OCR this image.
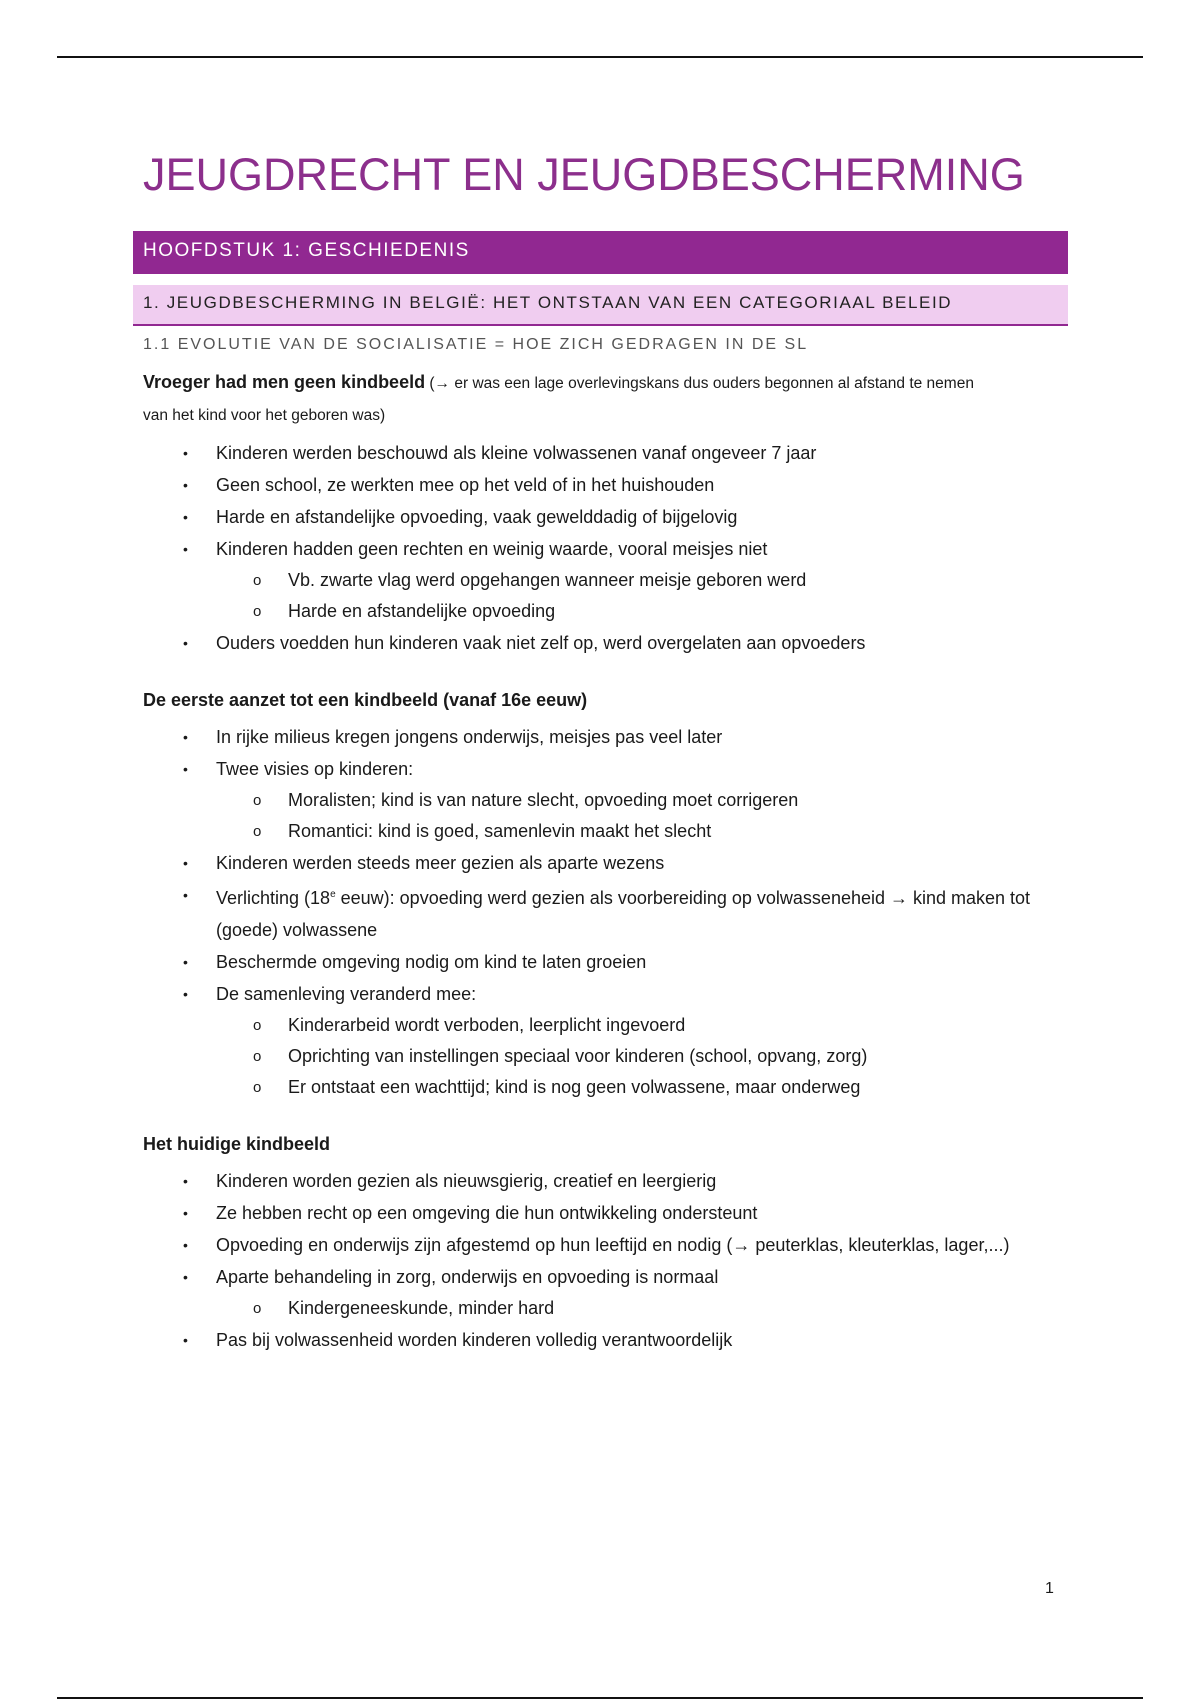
JEUGDRECHT EN JEUGDBESCHERMING
HOOFDSTUK 1: GESCHIEDENIS
1. JEUGDBESCHERMING IN BELGIË: HET ONTSTAAN VAN EEN CATEGORIAAL BELEID
1.1 EVOLUTIE VAN DE SOCIALISATIE = HOE ZICH GEDRAGEN IN DE SL
Vroeger had men geen kindbeeld (→ er was een lage overlevingskans dus ouders begonnen al afstand te nemen van het kind voor het geboren was)
• Kinderen werden beschouwd als kleine volwassenen vanaf ongeveer 7 jaar
• Geen school, ze werkten mee op het veld of in het huishouden
• Harde en afstandelijke opvoeding, vaak gewelddadig of bijgelovig
• Kinderen hadden geen rechten en weinig waarde, vooral meisjes niet
o Vb. zwarte vlag werd opgehangen wanneer meisje geboren werd
o Harde en afstandelijke opvoeding
• Ouders voedden hun kinderen vaak niet zelf op, werd overgelaten aan opvoeders
De eerste aanzet tot een kindbeeld (vanaf 16e eeuw)
• In rijke milieus kregen jongens onderwijs, meisjes pas veel later
• Twee visies op kinderen:
o Moralisten; kind is van nature slecht, opvoeding moet corrigeren
o Romantici: kind is goed, samenlevin maakt het slecht
• Kinderen werden steeds meer gezien als aparte wezens
• Verlichting (18e eeuw): opvoeding werd gezien als voorbereiding op volwasseneheid → kind maken tot (goede) volwassene
• Beschermde omgeving nodig om kind te laten groeien
• De samenleving veranderd mee:
o Kinderarbeid wordt verboden, leerplicht ingevoerd
o Oprichting van instellingen speciaal voor kinderen (school, opvang, zorg)
o Er ontstaat een wachttijd; kind is nog geen volwassene, maar onderweg
Het huidige kindbeeld
• Kinderen worden gezien als nieuwsgierig, creatief en leergierig
• Ze hebben recht op een omgeving die hun ontwikkeling ondersteunt
• Opvoeding en onderwijs zijn afgestemd op hun leeftijd en nodig (→ peuterklas, kleuterklas, lager,...)
• Aparte behandeling in zorg, onderwijs en opvoeding is normaal
o Kindergeneeskunde, minder hard
• Pas bij volwassenheid worden kinderen volledig verantwoordelijk
1
